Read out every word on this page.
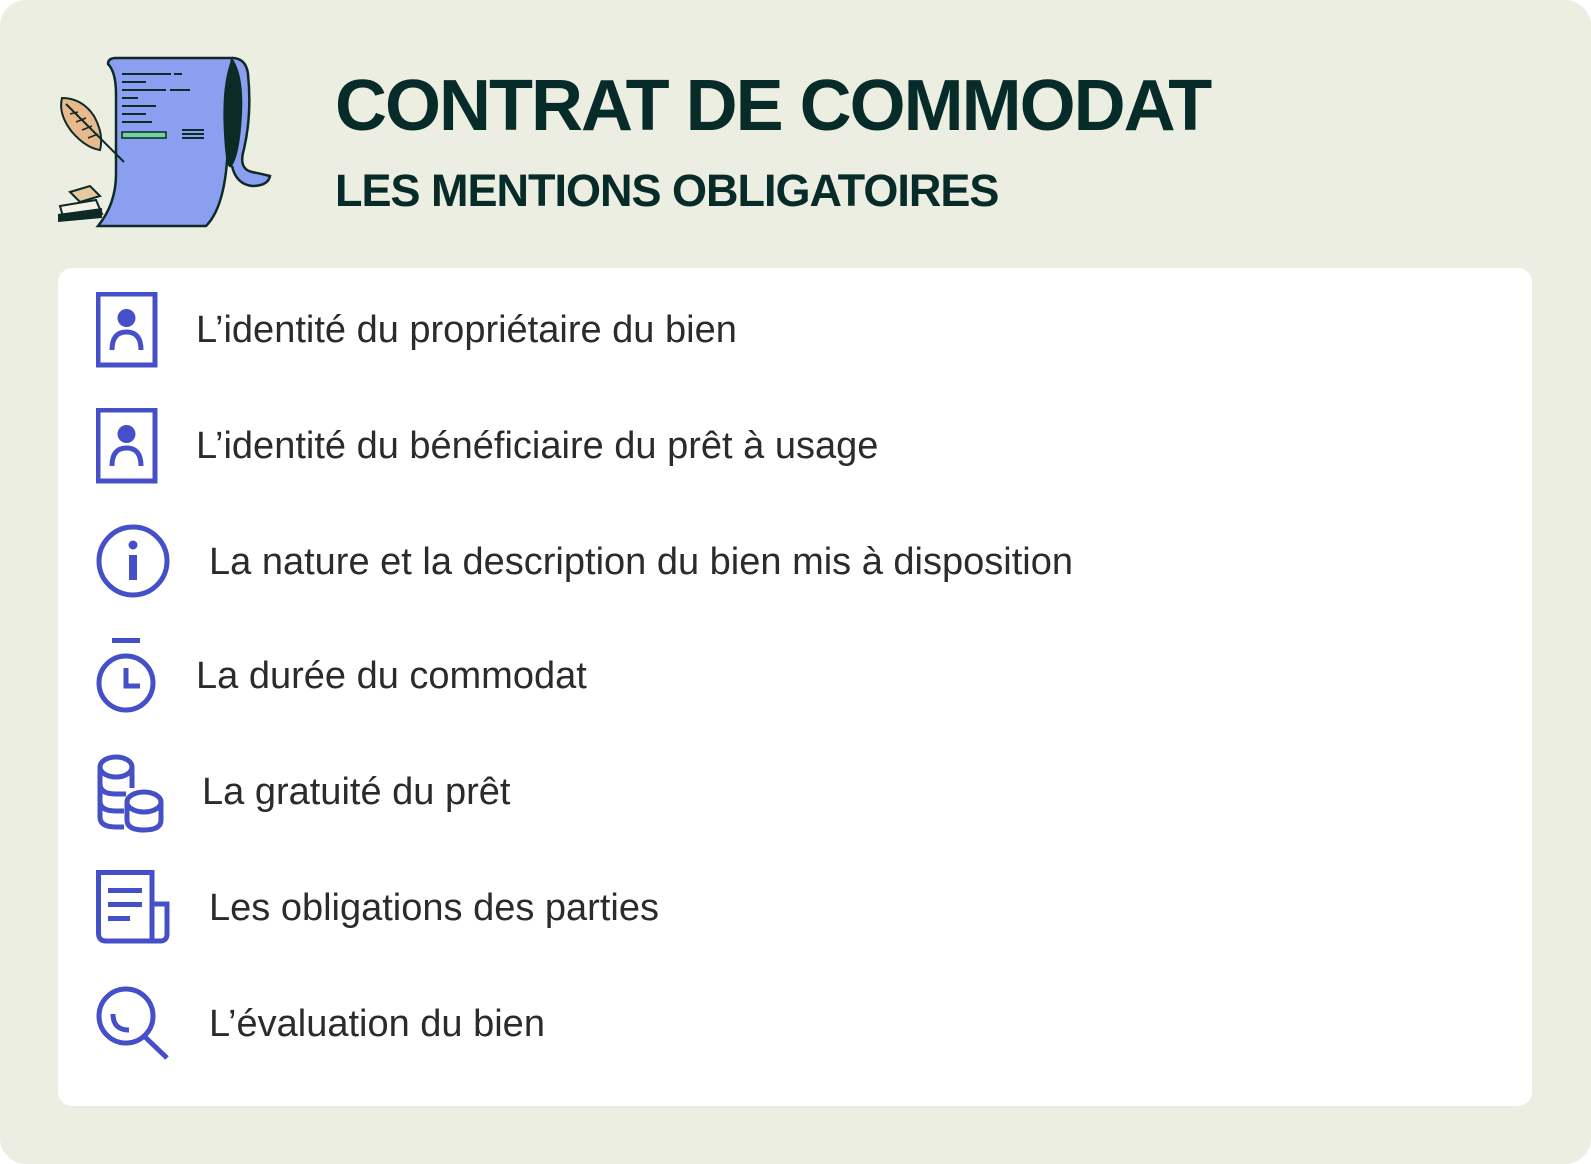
CONTRAT DE COMMODAT
LES MENTIONS OBLIGATOIRES
L’identité du propriétaire du bien
L’identité du bénéficiaire du prêt à usage
La nature et la description du bien mis à disposition
La durée du commodat
La gratuité du prêt
Les obligations des parties
L’évaluation du bien
